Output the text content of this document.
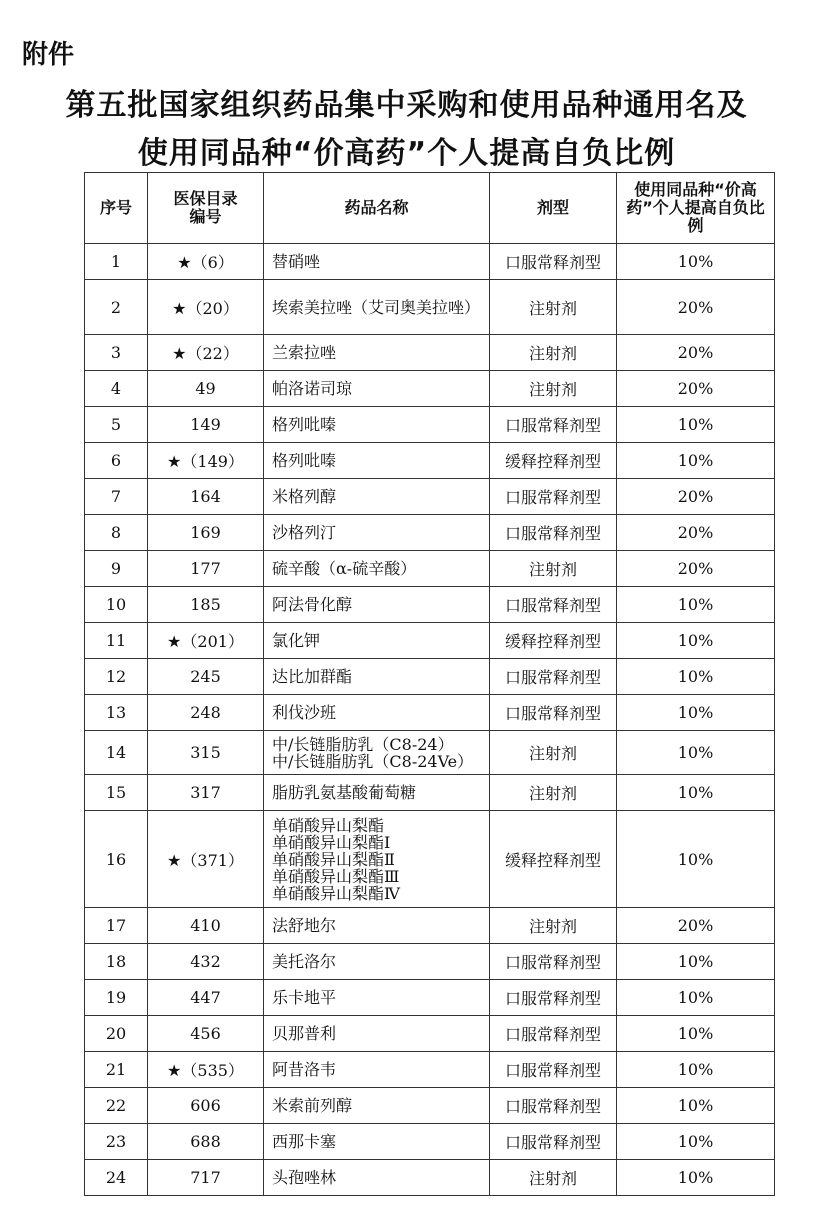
附件
第五批国家组织药品集中采购和使用品种通用名及
使用同品种“价高药”个人提高自负比例
序号	医保目录编号	药品名称	剂型	使用同品种“价高药”个人提高自负比例
1	★（6）	替硝唑	口服常释剂型	10%
2	★（20）	埃索美拉唑（艾司奥美拉唑）	注射剂	20%
3	★（22）	兰索拉唑	注射剂	20%
4	49	帕洛诺司琼	注射剂	20%
5	149	格列吡嗪	口服常释剂型	10%
6	★（149）	格列吡嗪	缓释控释剂型	10%
7	164	米格列醇	口服常释剂型	20%
8	169	沙格列汀	口服常释剂型	20%
9	177	硫辛酸（α-硫辛酸）	注射剂	20%
10	185	阿法骨化醇	口服常释剂型	10%
11	★（201）	氯化钾	缓释控释剂型	10%
12	245	达比加群酯	口服常释剂型	10%
13	248	利伐沙班	口服常释剂型	10%
14	315	中/长链脂肪乳（C8-24）
中/长链脂肪乳（C8-24Ve）	注射剂	10%
15	317	脂肪乳氨基酸葡萄糖	注射剂	10%
16	★（371）	单硝酸异山梨酯
单硝酸异山梨酯Ⅰ
单硝酸异山梨酯Ⅱ
单硝酸异山梨酯Ⅲ
单硝酸异山梨酯Ⅳ	缓释控释剂型	10%
17	410	法舒地尔	注射剂	20%
18	432	美托洛尔	口服常释剂型	10%
19	447	乐卡地平	口服常释剂型	10%
20	456	贝那普利	口服常释剂型	10%
21	★（535）	阿昔洛韦	口服常释剂型	10%
22	606	米索前列醇	口服常释剂型	10%
23	688	西那卡塞	口服常释剂型	10%
24	717	头孢唑林	注射剂	10%
